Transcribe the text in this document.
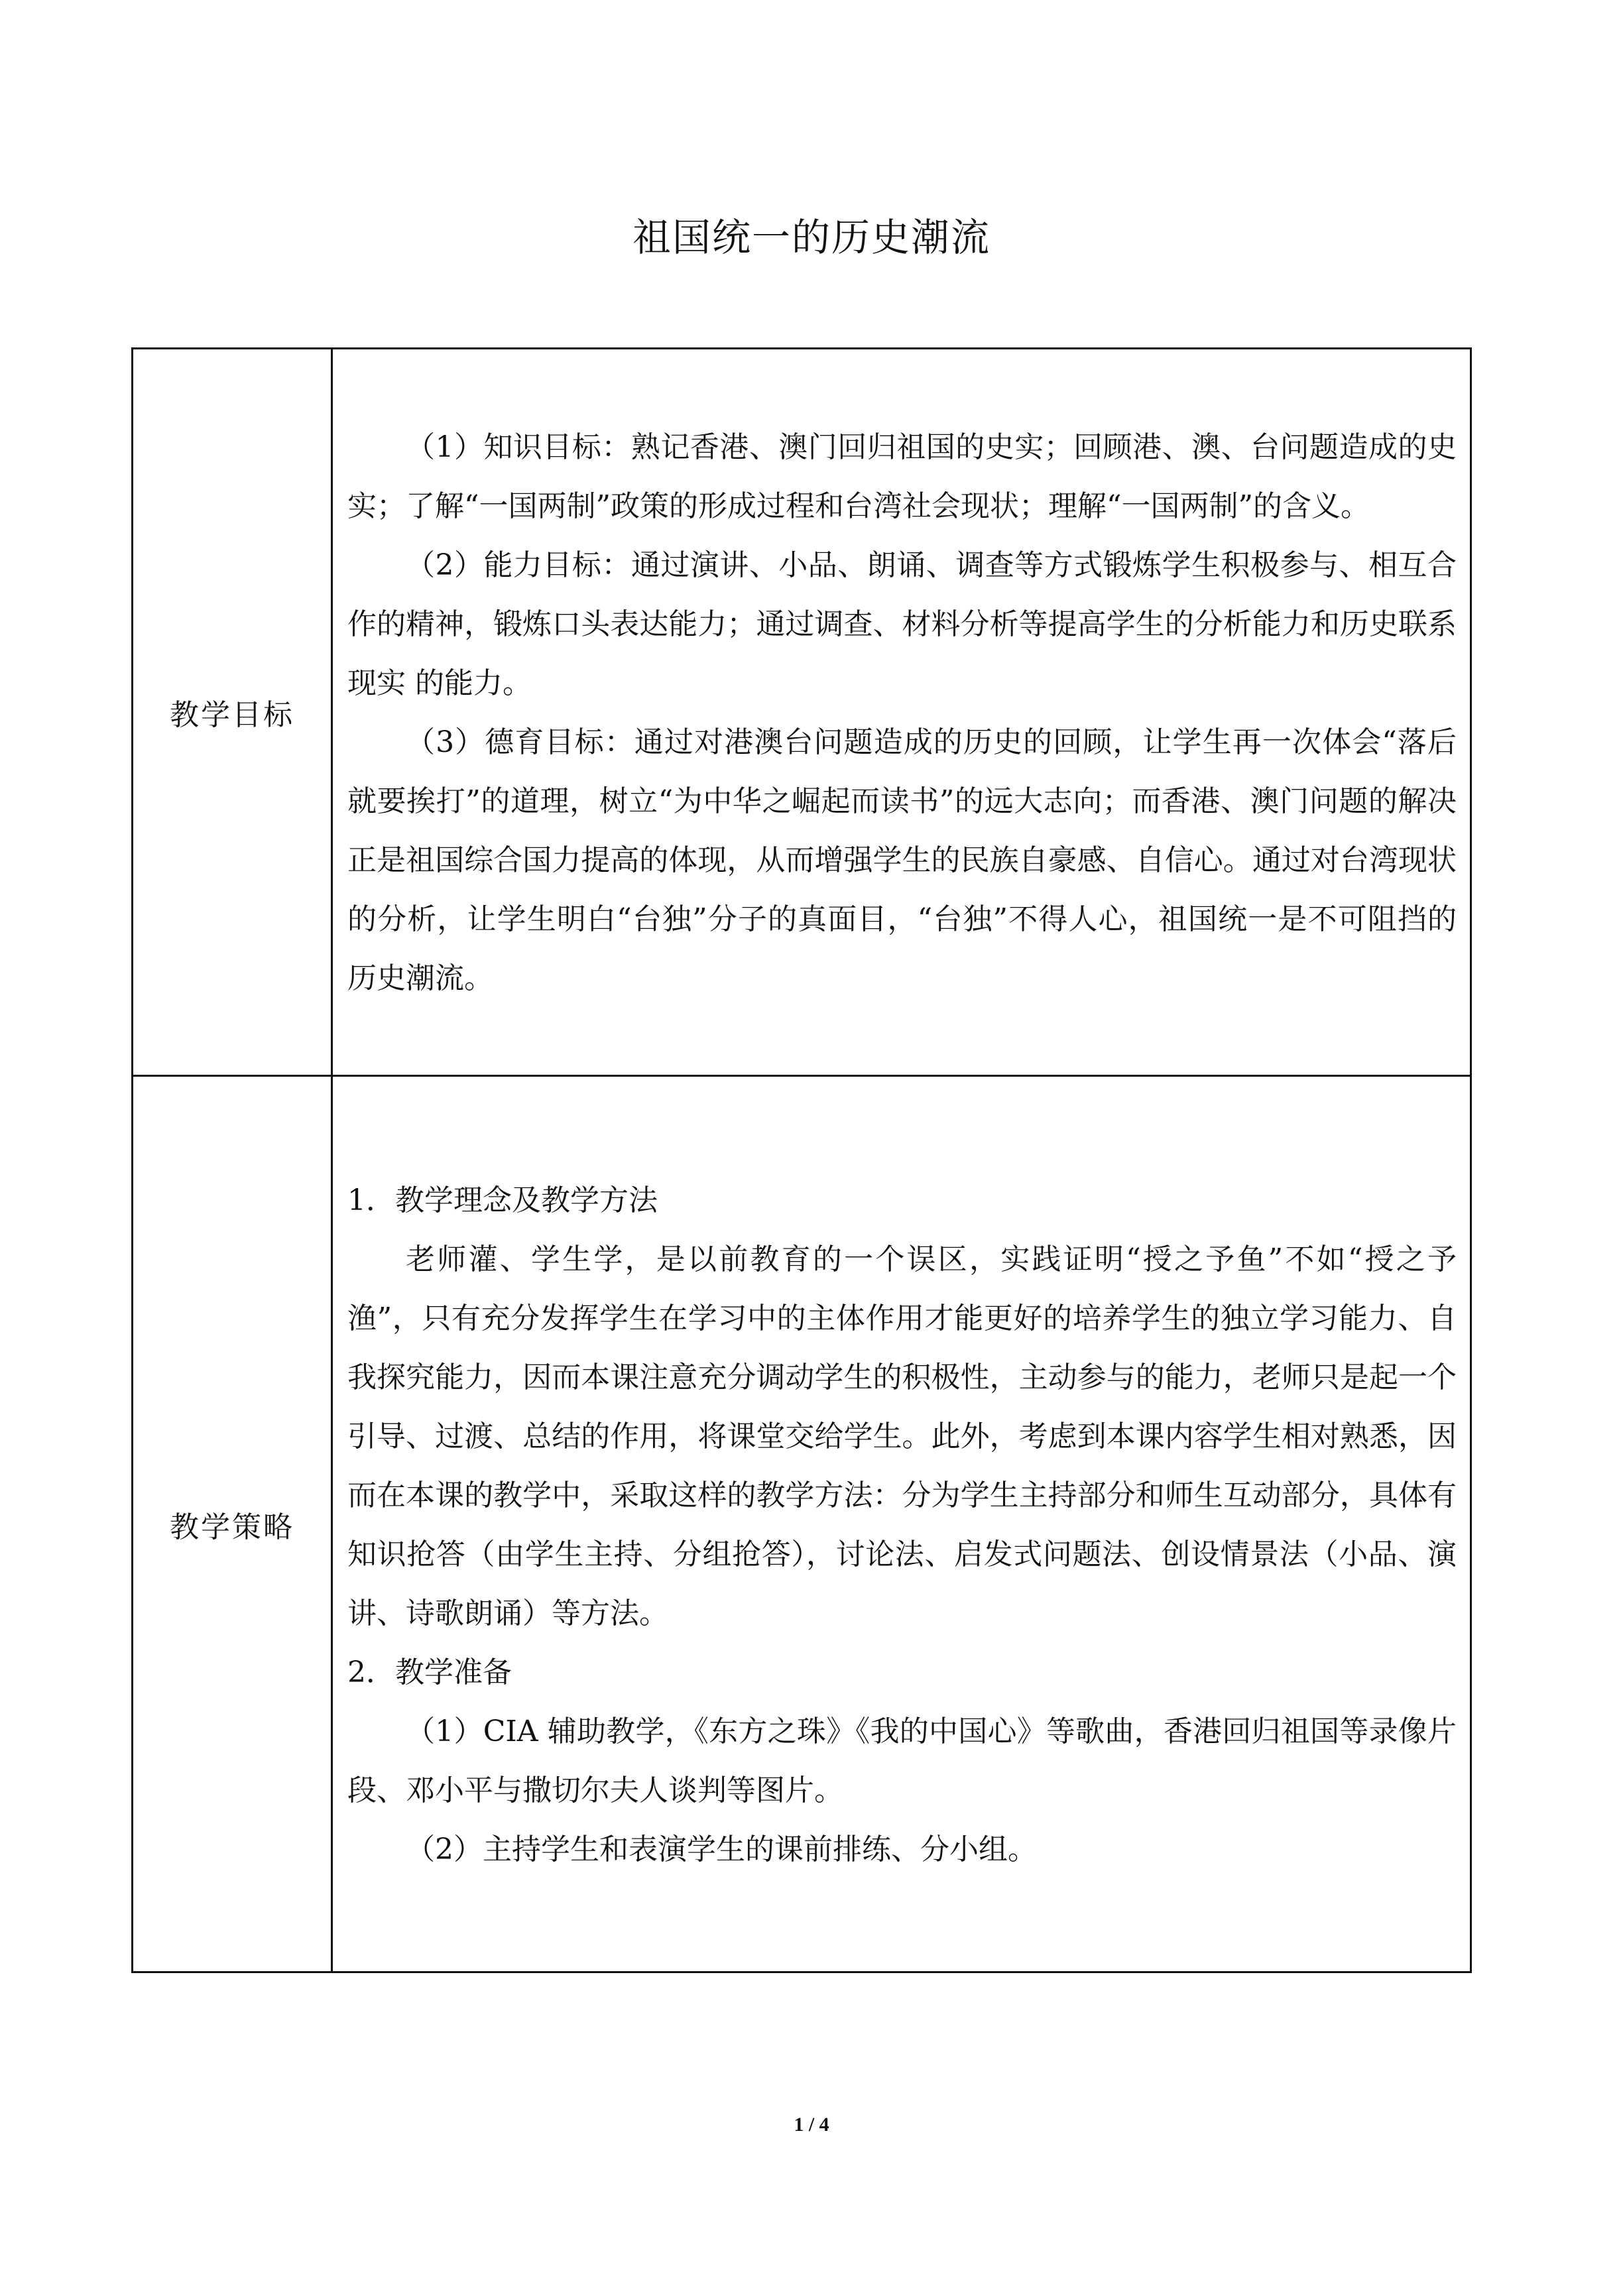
祖国统一的历史潮流
教学目标	（1）知识目标：熟记香港、澳门回归祖国的史实；回顾港、澳、台问题造成的史实；了解“一国两制”政策的形成过程和台湾社会现状；理解“一国两制”的含义。

（2）能力目标：通过演讲、小品、朗诵、调查等方式锻炼学生积极参与、相互合作的精神，锻炼口头表达能力；通过调查、材料分析等提高学生的分析能力和历史联系现实 的能力。

（3）德育目标：通过对港澳台问题造成的历史的回顾，让学生再一次体会“落后就要挨打”的道理，树立“为中华之崛起而读书”的远大志向；而香港、澳门问题的解决正是祖国综合国力提高的体现，从而增强学生的民族自豪感、自信心。通过对台湾现状的分析，让学生明白“台独”分子的真面目，“台独”不得人心，祖国统一是不可阻挡的历史潮流。

教学策略	1．教学理念及教学方法

老师灌、学生学，是以前教育的一个误区，实践证明“授之予鱼”不如“授之予渔”，只有充分发挥学生在学习中的主体作用才能更好的培养学生的独立学习能力、自我探究能力，因而本课注意充分调动学生的积极性，主动参与的能力，老师只是起一个引导、过渡、总结的作用，将课堂交给学生。此外，考虑到本课内容学生相对熟悉，因而在本课的教学中，采取这样的教学方法：分为学生主持部分和师生互动部分，具体有知识抢答（由学生主持、分组抢答），讨论法、启发式问题法、创设情景法（小品、演讲、诗歌朗诵）等方法。

2．教学准备

（1）CIA 辅助教学，《东方之珠》《我的中国心》等歌曲，香港回归祖国等录像片段、邓小平与撒切尔夫人谈判等图片。

（2）主持学生和表演学生的课前排练、分小组。

1 / 4
